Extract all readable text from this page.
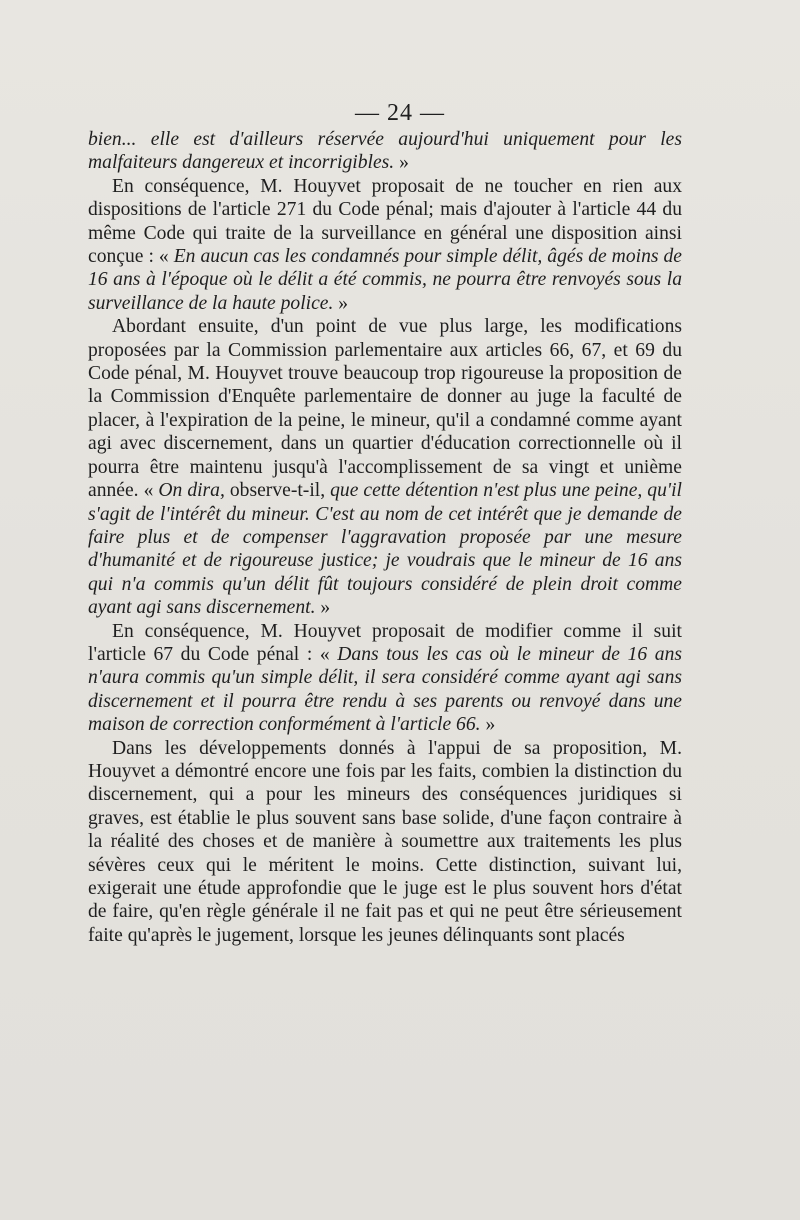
— 24 —

bien... elle est d'ailleurs réservée aujourd'hui uniquement pour les malfaiteurs dangereux et incorrigibles. »

En conséquence, M. Houyvet proposait de ne toucher en rien aux dispositions de l'article 271 du Code pénal; mais d'ajouter à l'article 44 du même Code qui traite de la surveillance en général une disposition ainsi conçue : « En aucun cas les condamnés pour simple délit, âgés de moins de 16 ans à l'époque où le délit a été commis, ne pourra être renvoyés sous la surveillance de la haute police. »

Abordant ensuite, d'un point de vue plus large, les modifications proposées par la Commission parlementaire aux articles 66, 67, et 69 du Code pénal, M. Houyvet trouve beaucoup trop rigoureuse la proposition de la Commission d'Enquête parlementaire de donner au juge la faculté de placer, à l'expiration de la peine, le mineur, qu'il a condamné comme ayant agi avec discernement, dans un quartier d'éducation correctionnelle où il pourra être maintenu jusqu'à l'accomplissement de sa vingt et unième année. « On dira, observe-t-il, que cette détention n'est plus une peine, qu'il s'agit de l'intérêt du mineur. C'est au nom de cet intérêt que je demande de faire plus et de compenser l'aggravation proposée par une mesure d'humanité et de rigoureuse justice; je voudrais que le mineur de 16 ans qui n'a commis qu'un délit fût toujours considéré de plein droit comme ayant agi sans discernement. »

En conséquence, M. Houyvet proposait de modifier comme il suit l'article 67 du Code pénal : « Dans tous les cas où le mineur de 16 ans n'aura commis qu'un simple délit, il sera considéré comme ayant agi sans discernement et il pourra être rendu à ses parents ou renvoyé dans une maison de correction conformément à l'article 66. »

Dans les développements donnés à l'appui de sa proposition, M. Houyvet a démontré encore une fois par les faits, combien la distinction du discernement, qui a pour les mineurs des conséquences juridiques si graves, est établie le plus souvent sans base solide, d'une façon contraire à la réalité des choses et de manière à soumettre aux traitements les plus sévères ceux qui le méritent le moins. Cette distinction, suivant lui, exigerait une étude approfondie que le juge est le plus souvent hors d'état de faire, qu'en règle générale il ne fait pas et qui ne peut être sérieusement faite qu'après le jugement, lorsque les jeunes délinquants sont placés
